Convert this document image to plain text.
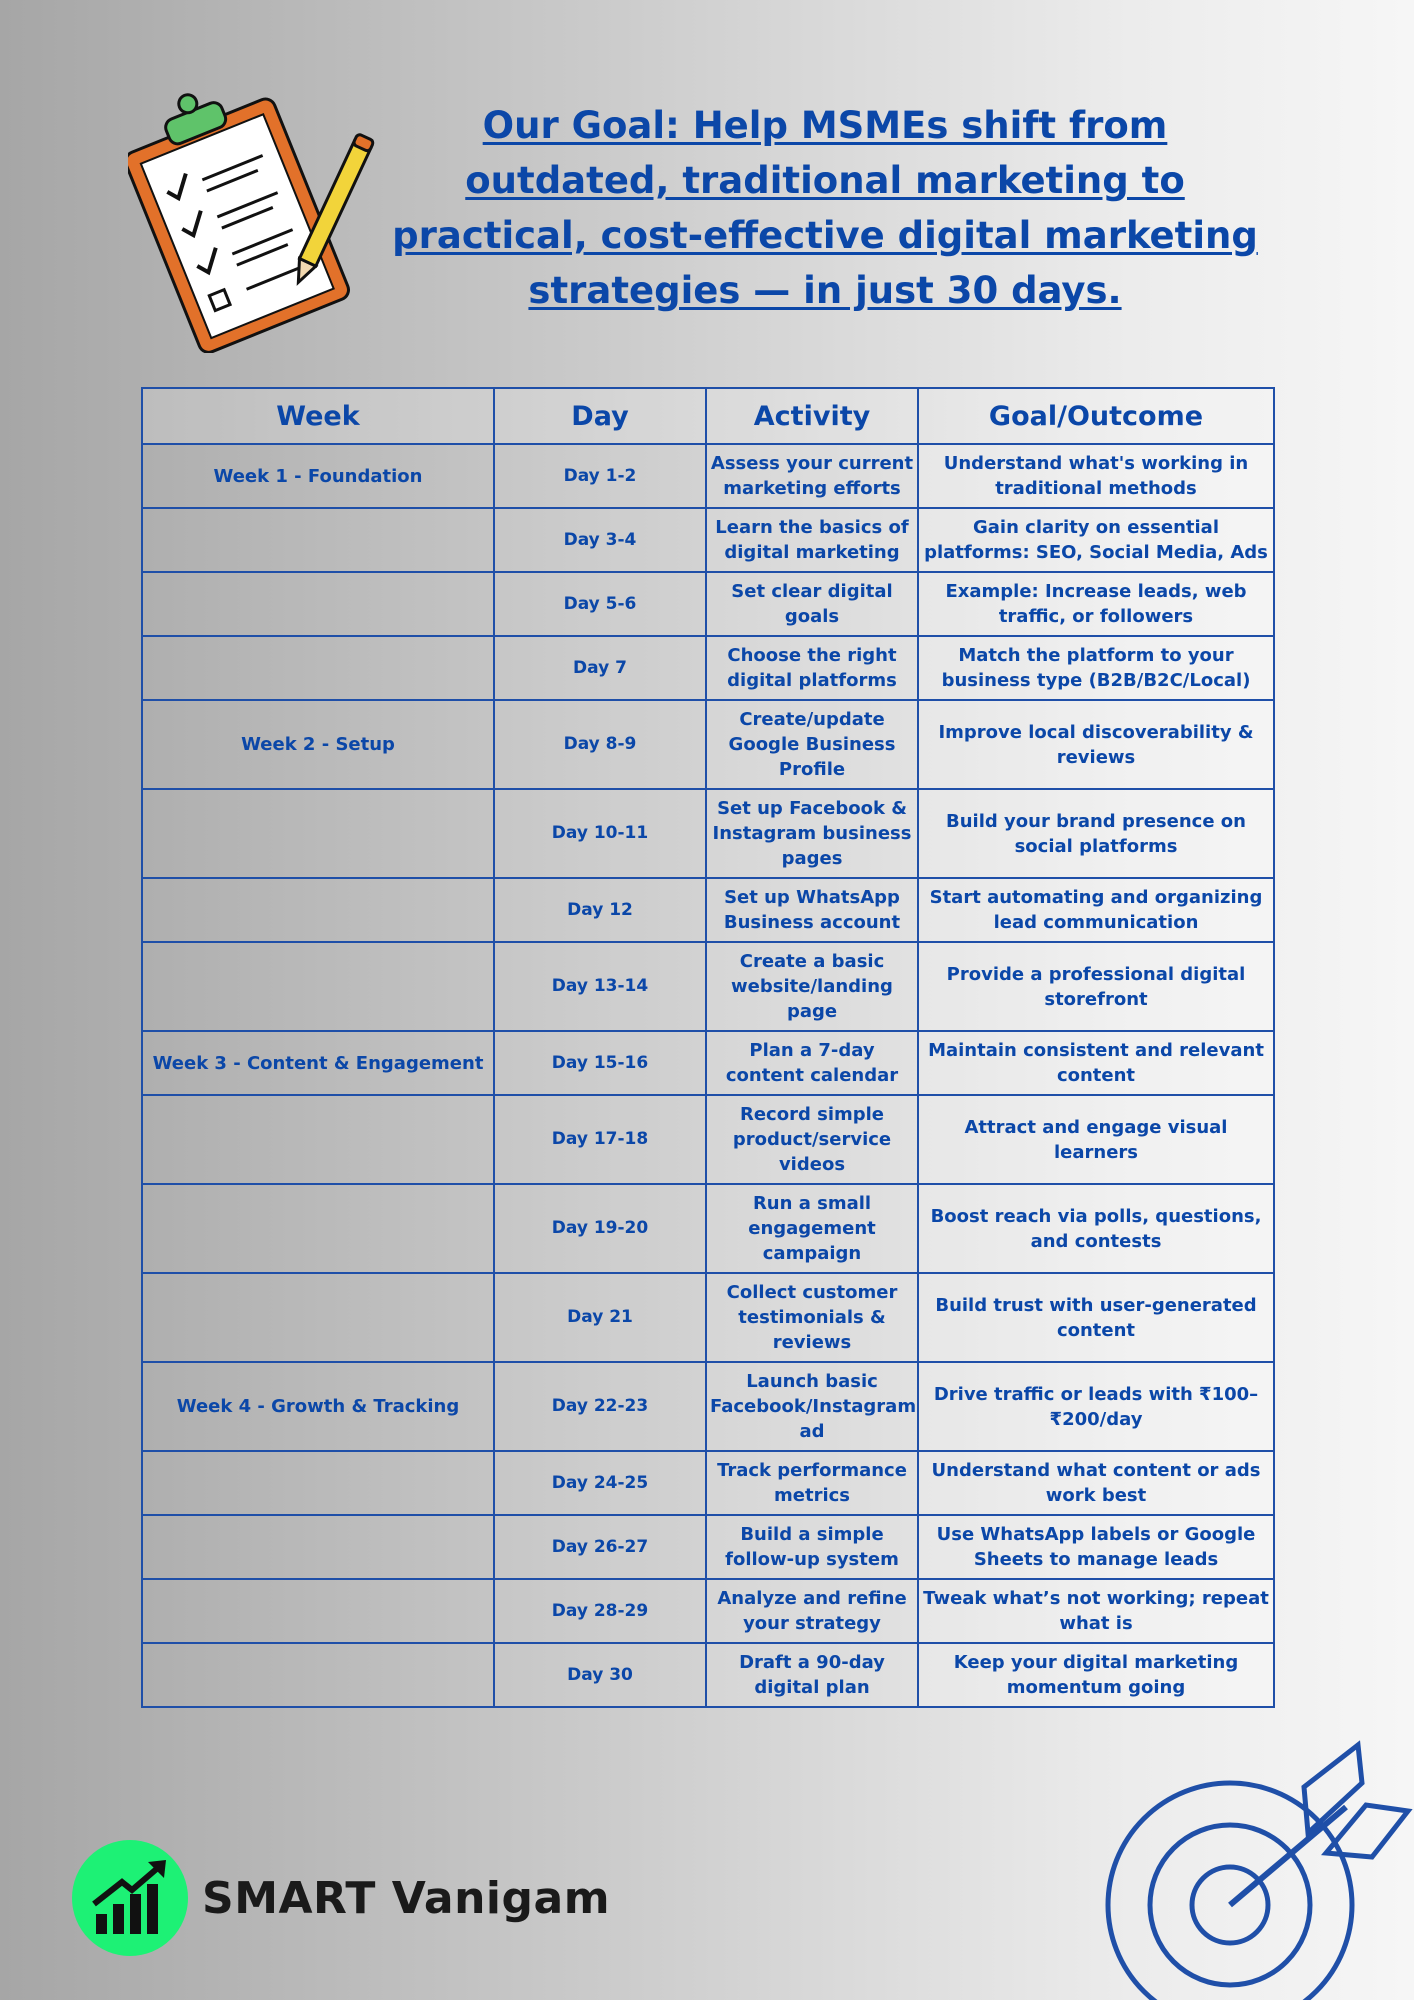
Our Goal: Help MSMEs shift from outdated, traditional marketing to practical, cost-effective digital marketing strategies — in just 30 days.
Week	Day	Activity	Goal/Outcome
Week 1 - Foundation	Day 1-2	Assess your current marketing efforts	Understand what's working in traditional methods
	Day 3-4	Learn the basics of digital marketing	Gain clarity on essential platforms: SEO, Social Media, Ads
	Day 5-6	Set clear digital goals	Example: Increase leads, web traffic, or followers
	Day 7	Choose the right digital platforms	Match the platform to your business type (B2B/B2C/Local)
Week 2 - Setup	Day 8-9	Create/update Google Business Profile	Improve local discoverability & reviews
	Day 10-11	Set up Facebook & Instagram business pages	Build your brand presence on social platforms
	Day 12	Set up WhatsApp Business account	Start automating and organizing lead communication
	Day 13-14	Create a basic website/landing page	Provide a professional digital storefront
Week 3 - Content & Engagement	Day 15-16	Plan a 7-day content calendar	Maintain consistent and relevant content
	Day 17-18	Record simple product/service videos	Attract and engage visual learners
	Day 19-20	Run a small engagement campaign	Boost reach via polls, questions, and contests
	Day 21	Collect customer testimonials & reviews	Build trust with user-generated content
Week 4 - Growth & Tracking	Day 22-23	Launch basic Facebook/Instagram ad	Drive traffic or leads with ₹100–₹200/day
	Day 24-25	Track performance metrics	Understand what content or ads work best
	Day 26-27	Build a simple follow-up system	Use WhatsApp labels or Google Sheets to manage leads
	Day 28-29	Analyze and refine your strategy	Tweak what’s not working; repeat what is
	Day 30	Draft a 90-day digital plan	Keep your digital marketing momentum going
SMART Vanigam
